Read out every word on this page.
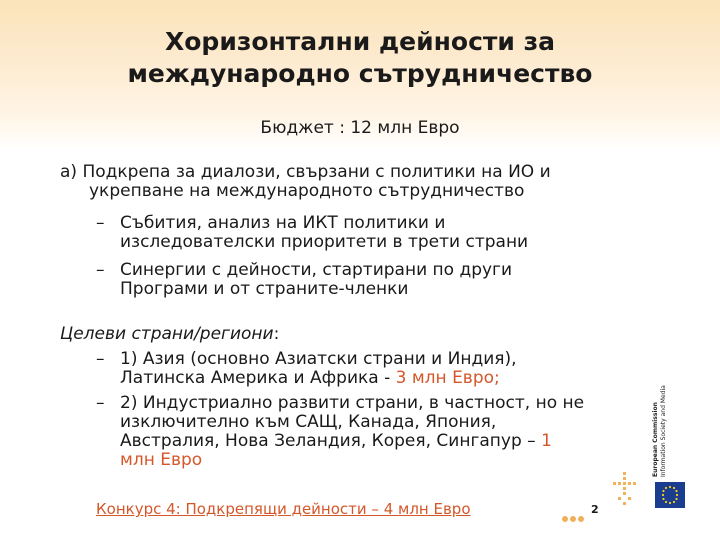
Хоризонтални дейности за
международно сътрудничество
Бюджет : 12 млн Евро
а) Подкрепа за диалози, свързани с политики на ИО и
укрепване на международното сътрудничество
– Събития, анализ на ИКТ политики и
изследователски приоритети в трети страни
– Синергии с дейности, стартирани по други
Програми и от страните-членки
Целеви страни/региони:
– 1) Азия (основно Азиатски страни и Индия),
Латинска Америка и Африка - 3 млн Евро;
– 2) Индустриално развити страни, в частност, но не
изключително към САЩ, Канада, Япония,
Австралия, Нова Зеландия, Корея, Сингапур – 1
млн Евро
Конкурс 4: Подкрепящи дейности – 4 млн Евро	2
European Commission
Information Society and Media
